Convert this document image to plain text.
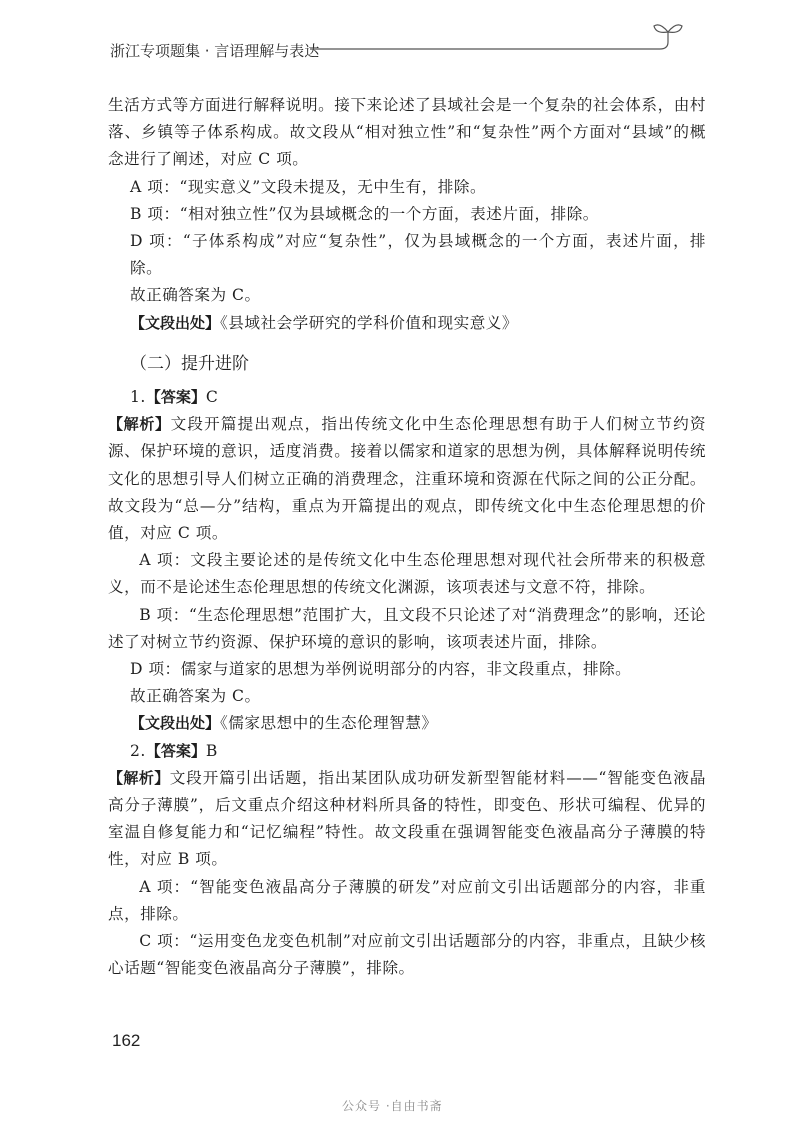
浙江专项题集 · 言语理解与表达

生活方式等方面进行解释说明。接下来论述了县域社会是一个复杂的社会体系，由村落、乡镇等子体系构成。故文段从“相对独立性”和“复杂性”两个方面对“县域”的概念进行了阐述，对应 C 项。

A 项：“现实意义”文段未提及，无中生有，排除。

B 项：“相对独立性”仅为县域概念的一个方面，表述片面，排除。

D 项：“子体系构成”对应“复杂性”，仅为县域概念的一个方面，表述片面，排除。

故正确答案为 C。

【文段出处】《县域社会学研究的学科价值和现实意义》

（二）提升进阶

1.【答案】C

【解析】文段开篇提出观点，指出传统文化中生态伦理思想有助于人们树立节约资源、保护环境的意识，适度消费。接着以儒家和道家的思想为例，具体解释说明传统文化的思想引导人们树立正确的消费理念，注重环境和资源在代际之间的公正分配。故文段为“总—分”结构，重点为开篇提出的观点，即传统文化中生态伦理思想的价值，对应 C 项。

A 项：文段主要论述的是传统文化中生态伦理思想对现代社会所带来的积极意义，而不是论述生态伦理思想的传统文化渊源，该项表述与文意不符，排除。

B 项：“生态伦理思想”范围扩大，且文段不只论述了对“消费理念”的影响，还论述了对树立节约资源、保护环境的意识的影响，该项表述片面，排除。

D 项：儒家与道家的思想为举例说明部分的内容，非文段重点，排除。

故正确答案为 C。

【文段出处】《儒家思想中的生态伦理智慧》

2.【答案】B

【解析】文段开篇引出话题，指出某团队成功研发新型智能材料——“智能变色液晶高分子薄膜”，后文重点介绍这种材料所具备的特性，即变色、形状可编程、优异的室温自修复能力和“记忆编程”特性。故文段重在强调智能变色液晶高分子薄膜的特性，对应 B 项。

A 项：“智能变色液晶高分子薄膜的研发”对应前文引出话题部分的内容，非重点，排除。

C 项：“运用变色龙变色机制”对应前文引出话题部分的内容，非重点，且缺少核心话题“智能变色液晶高分子薄膜”，排除。

162
公众号 ·自由书斋
